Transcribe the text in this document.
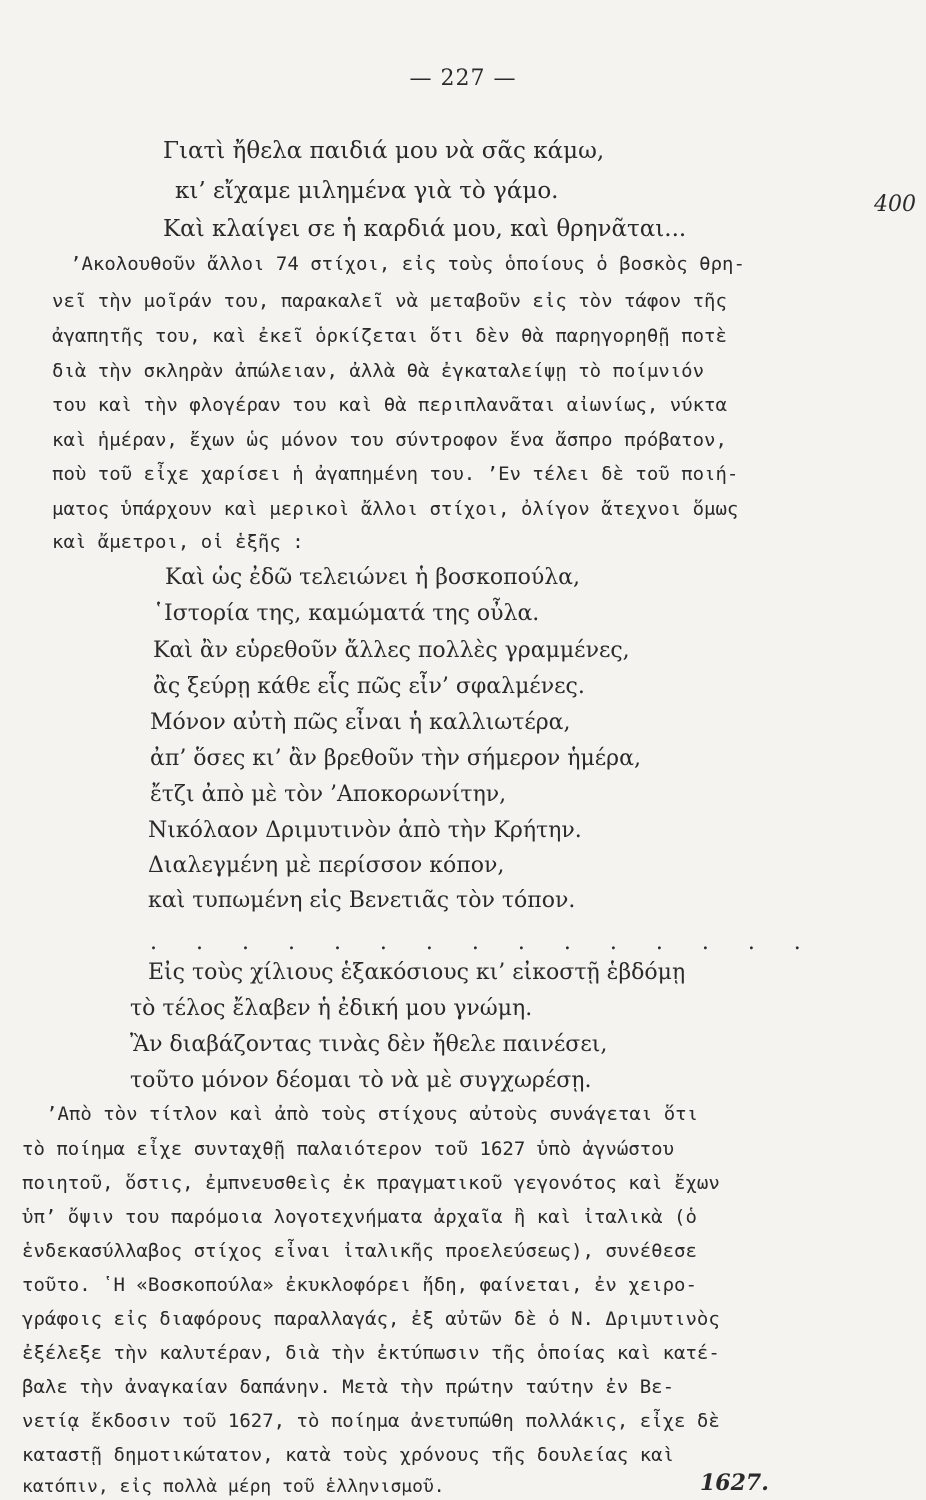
— 227 —
Γιατὶ ἤθελα παιδιά μου νὰ σᾶς κάμω,
κι’ εἴχαμε μιλημένα γιὰ τὸ γάμο.
Καὶ κλαίγει σε ἡ καρδιά μου, καὶ θρηνᾶται...
400
’Ακολουθοῦν ἄλλοι 74 στίχοι, εἰς τοὺς ὁποίους ὁ βοσκὸς θρη-
νεῖ τὴν μοῖράν του, παρακαλεῖ νὰ μεταβοῦν εἰς τὸν τάφον τῆς
ἀγαπητῆς του, καὶ ἐκεῖ ὁρκίζεται ὅτι δὲν θὰ παρηγορηθῇ ποτὲ
διὰ τὴν σκληρὰν ἀπώλειαν, ἀλλὰ θὰ ἐγκαταλείψῃ τὸ ποίμνιόν
του καὶ τὴν φλογέραν του καὶ θὰ περιπλανᾶται αἰωνίως, νύκτα
καὶ ἡμέραν, ἔχων ὡς μόνον του σύντροφον ἕνα ἄσπρο πρόβατον,
ποὺ τοῦ εἶχε χαρίσει ἡ ἀγαπημένη του. ’Εν τέλει δὲ τοῦ ποιή-
ματος ὑπάρχουν καὶ μερικοὶ ἄλλοι στίχοι, ὀλίγον ἄτεχνοι ὅμως
καὶ ἄμετροι, οἱ ἑξῆς :
Καὶ ὡς ἐδῶ τελειώνει ἡ βοσκοπούλα,
῾Ιστορία της, καμώματά της οὖλα.
Καὶ ἂν εὑρεθοῦν ἄλλες πολλὲς γραμμένες,
ἂς ξεύρῃ κάθε εἷς πῶς εἶν’ σφαλμένες.
Μόνον αὐτὴ πῶς εἶναι ἡ καλλιωτέρα,
ἀπ’ ὅσες κι’ ἂν βρεθοῦν τὴν σήμερον ἡμέρα,
ἔτζι ἀπὸ μὲ τὸν ’Αποκορωνίτην,
Νικόλαον Δριμυτινὸν ἀπὸ τὴν Κρήτην.
Διαλεγμένη μὲ περίσσον κόπον,
καὶ τυπωμένη εἰς Βενετιᾶς τὸν τόπον.
. . . . . . . . . . . . . . .
Εἰς τοὺς χίλιους ἑξακόσιους κι’ εἰκοστῇ ἑβδόμῃ
τὸ τέλος ἔλαβεν ἡ ἐδική μου γνώμη.
Ἂν διαβάζοντας τινὰς δὲν ἤθελε παινέσει,
τοῦτο μόνον δέομαι τὸ νὰ μὲ συγχωρέσῃ.
’Απὸ τὸν τίτλον καὶ ἀπὸ τοὺς στίχους αὐτοὺς συνάγεται ὅτι
τὸ ποίημα εἶχε συνταχθῇ παλαιότερον τοῦ 1627 ὑπὸ ἀγνώστου
ποιητοῦ, ὅστις, ἐμπνευσθεὶς ἐκ πραγματικοῦ γεγονότος καὶ ἔχων
ὑπ’ ὄψιν του παρόμοια λογοτεχνήματα ἀρχαῖα ἢ καὶ ἰταλικὰ (ὁ
ἑνδεκασύλλαβος στίχος εἶναι ἰταλικῆς προελεύσεως), συνέθεσε
τοῦτο. ῾Η «Βοσκοπούλα» ἐκυκλοφόρει ἤδη, φαίνεται, ἐν χειρο-
γράφοις εἰς διαφόρους παραλλαγάς, ἐξ αὐτῶν δὲ ὁ Ν. Δριμυτινὸς
ἐξέλεξε τὴν καλυτέραν, διὰ τὴν ἐκτύπωσιν τῆς ὁποίας καὶ κατέ-
βαλε τὴν ἀναγκαίαν δαπάνην. Μετὰ τὴν πρώτην ταύτην ἐν Βε-
νετίᾳ ἔκδοσιν τοῦ 1627, τὸ ποίημα ἀνετυπώθη πολλάκις, εἶχε δὲ
καταστῇ δημοτικώτατον, κατὰ τοὺς χρόνους τῆς δουλείας καὶ
κατόπιν, εἰς πολλὰ μέρη τοῦ ἑλληνισμοῦ.	1627.
